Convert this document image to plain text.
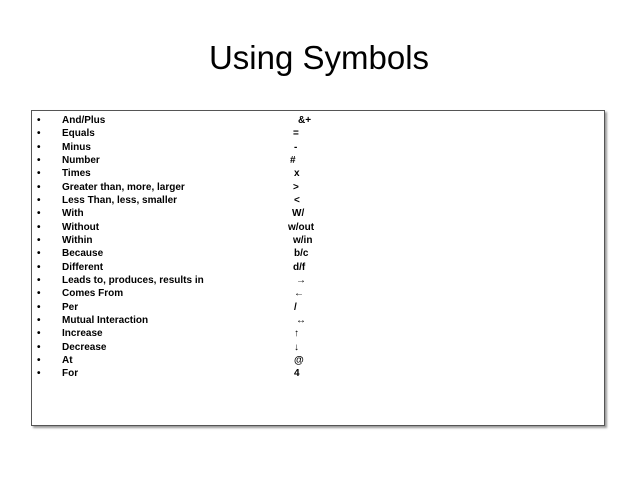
Using Symbols
• And/Plus	&+
• Equals	=
• Minus	-
• Number	#
• Times	x
• Greater than, more, larger	>
• Less Than, less, smaller	<
• With	W/
• Without	w/out
• Within	w/in
• Because	b/c
• Different	d/f
• Leads to, produces, results in	→
• Comes From	←
• Per	/
• Mutual Interaction	↔
• Increase	↑
• Decrease	↓
• At	@
• For	4
